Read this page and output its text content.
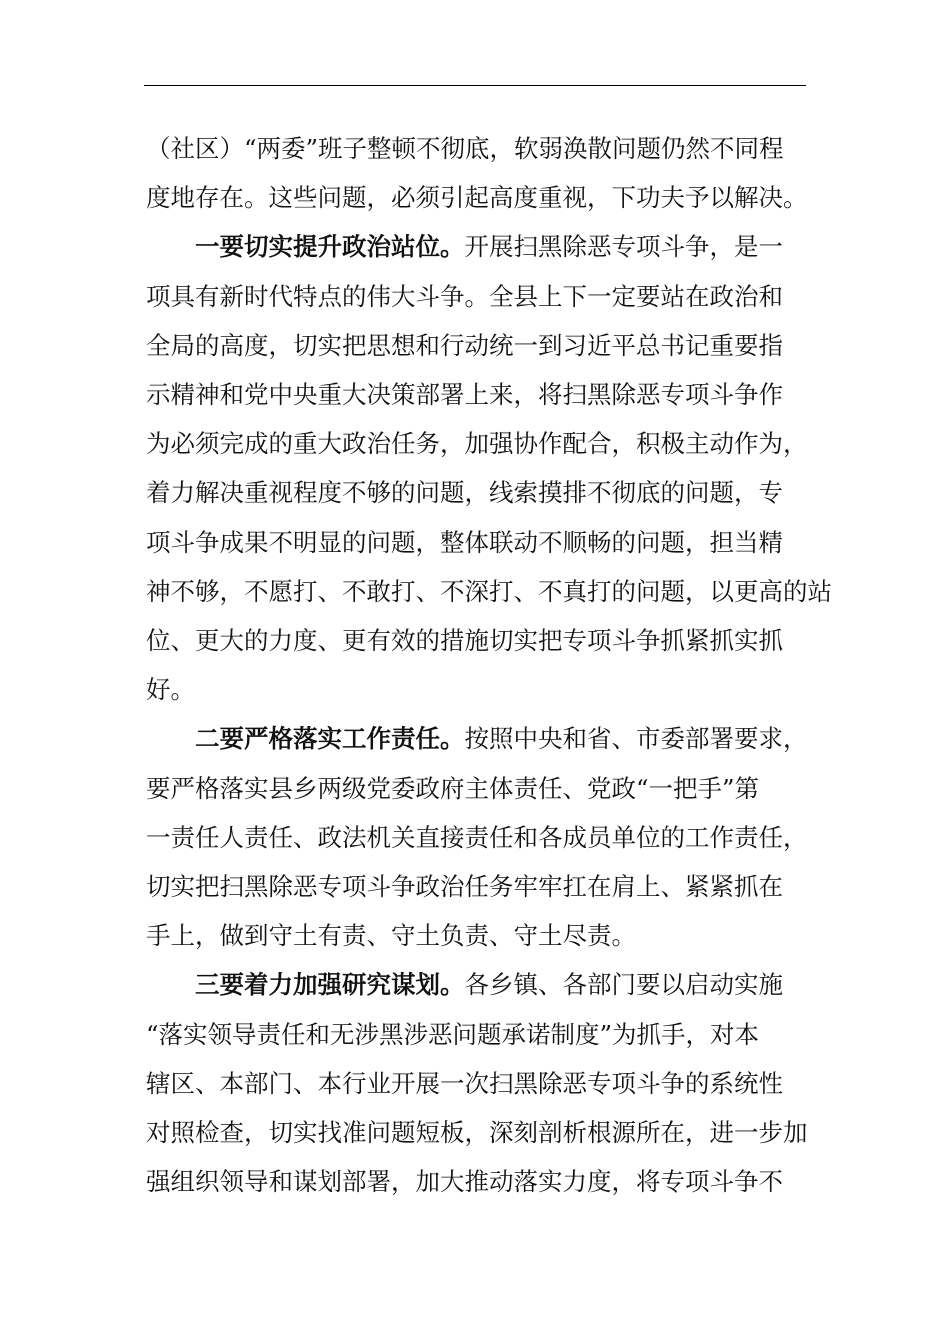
（社区）“两委”班子整顿不彻底，软弱涣散问题仍然不同程
度地存在。这些问题，必须引起高度重视，下功夫予以解决。

一要切实提升政治站位。开展扫黑除恶专项斗争，是一
项具有新时代特点的伟大斗争。全县上下一定要站在政治和
全局的高度，切实把思想和行动统一到习近平总书记重要指
示精神和党中央重大决策部署上来，将扫黑除恶专项斗争作
为必须完成的重大政治任务，加强协作配合，积极主动作为，
着力解决重视程度不够的问题，线索摸排不彻底的问题，专
项斗争成果不明显的问题，整体联动不顺畅的问题，担当精
神不够，不愿打、不敢打、不深打、不真打的问题，以更高的站
位、更大的力度、更有效的措施切实把专项斗争抓紧抓实抓
好。

二要严格落实工作责任。按照中央和省、市委部署要求，
要严格落实县乡两级党委政府主体责任、党政“一把手”第
一责任人责任、政法机关直接责任和各成员单位的工作责任，
切实把扫黑除恶专项斗争政治任务牢牢扛在肩上、紧紧抓在
手上，做到守土有责、守土负责、守土尽责。

三要着力加强研究谋划。各乡镇、各部门要以启动实施
“落实领导责任和无涉黑涉恶问题承诺制度”为抓手，对本
辖区、本部门、本行业开展一次扫黑除恶专项斗争的系统性
对照检查，切实找准问题短板，深刻剖析根源所在，进一步加
强组织领导和谋划部署，加大推动落实力度，将专项斗争不
